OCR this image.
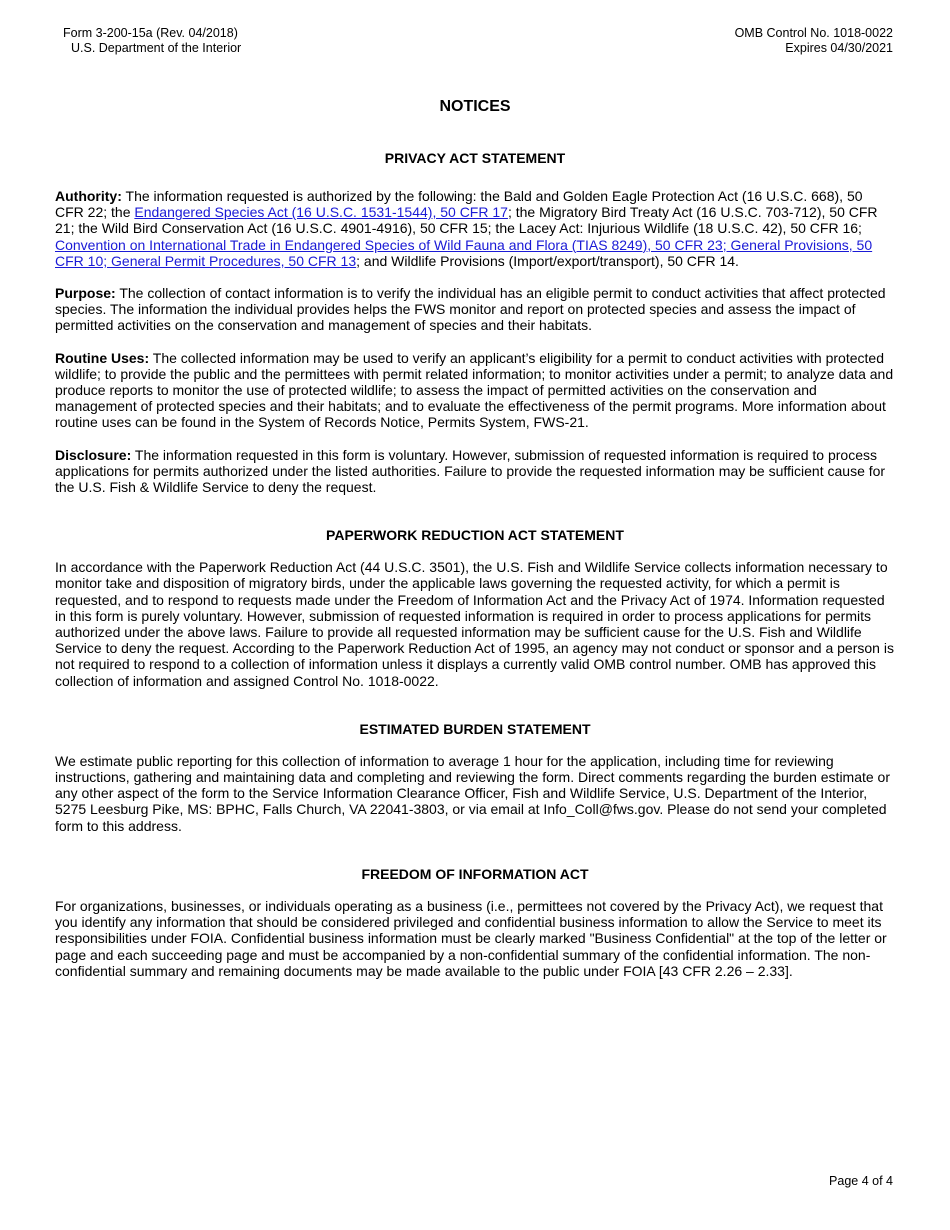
Form 3-200-15a (Rev. 04/2018)
U.S. Department of the Interior
OMB Control No. 1018-0022
Expires 04/30/2021
NOTICES
PRIVACY ACT STATEMENT

Authority: The information requested is authorized by the following: the Bald and Golden Eagle Protection Act (16 U.S.C. 668), 50 CFR 22; the Endangered Species Act (16 U.S.C. 1531-1544), 50 CFR 17; the Migratory Bird Treaty Act (16 U.S.C. 703-712), 50 CFR 21; the Wild Bird Conservation Act (16 U.S.C. 4901-4916), 50 CFR 15; the Lacey Act: Injurious Wildlife (18 U.S.C. 42), 50 CFR 16; Convention on International Trade in Endangered Species of Wild Fauna and Flora (TIAS 8249), 50 CFR 23; General Provisions, 50 CFR 10; General Permit Procedures, 50 CFR 13; and Wildlife Provisions (Import/export/transport), 50 CFR 14.

Purpose: The collection of contact information is to verify the individual has an eligible permit to conduct activities that affect protected species. The information the individual provides helps the FWS monitor and report on protected species and assess the impact of permitted activities on the conservation and management of species and their habitats.

Routine Uses: The collected information may be used to verify an applicant’s eligibility for a permit to conduct activities with protected wildlife; to provide the public and the permittees with permit related information; to monitor activities under a permit; to analyze data and produce reports to monitor the use of protected wildlife; to assess the impact of permitted activities on the conservation and management of protected species and their habitats; and to evaluate the effectiveness of the permit programs. More information about routine uses can be found in the System of Records Notice, Permits System, FWS-21.

Disclosure: The information requested in this form is voluntary. However, submission of requested information is required to process applications for permits authorized under the listed authorities. Failure to provide the requested information may be sufficient cause for the U.S. Fish & Wildlife Service to deny the request.

PAPERWORK REDUCTION ACT STATEMENT

In accordance with the Paperwork Reduction Act (44 U.S.C. 3501), the U.S. Fish and Wildlife Service collects information necessary to monitor take and disposition of migratory birds, under the applicable laws governing the requested activity, for which a permit is requested, and to respond to requests made under the Freedom of Information Act and the Privacy Act of 1974. Information requested in this form is purely voluntary. However, submission of requested information is required in order to process applications for permits authorized under the above laws. Failure to provide all requested information may be sufficient cause for the U.S. Fish and Wildlife Service to deny the request. According to the Paperwork Reduction Act of 1995, an agency may not conduct or sponsor and a person is not required to respond to a collection of information unless it displays a currently valid OMB control number. OMB has approved this collection of information and assigned Control No. 1018-0022.

ESTIMATED BURDEN STATEMENT

We estimate public reporting for this collection of information to average 1 hour for the application, including time for reviewing instructions, gathering and maintaining data and completing and reviewing the form. Direct comments regarding the burden estimate or any other aspect of the form to the Service Information Clearance Officer, Fish and Wildlife Service, U.S. Department of the Interior, 5275 Leesburg Pike, MS: BPHC, Falls Church, VA 22041-3803, or via email at Info_Coll@fws.gov. Please do not send your completed form to this address.

FREEDOM OF INFORMATION ACT

For organizations, businesses, or individuals operating as a business (i.e., permittees not covered by the Privacy Act), we request that you identify any information that should be considered privileged and confidential business information to allow the Service to meet its responsibilities under FOIA. Confidential business information must be clearly marked "Business Confidential" at the top of the letter or page and each succeeding page and must be accompanied by a non-confidential summary of the confidential information. The non-confidential summary and remaining documents may be made available to the public under FOIA [43 CFR 2.26 – 2.33].

Page 4 of 4
